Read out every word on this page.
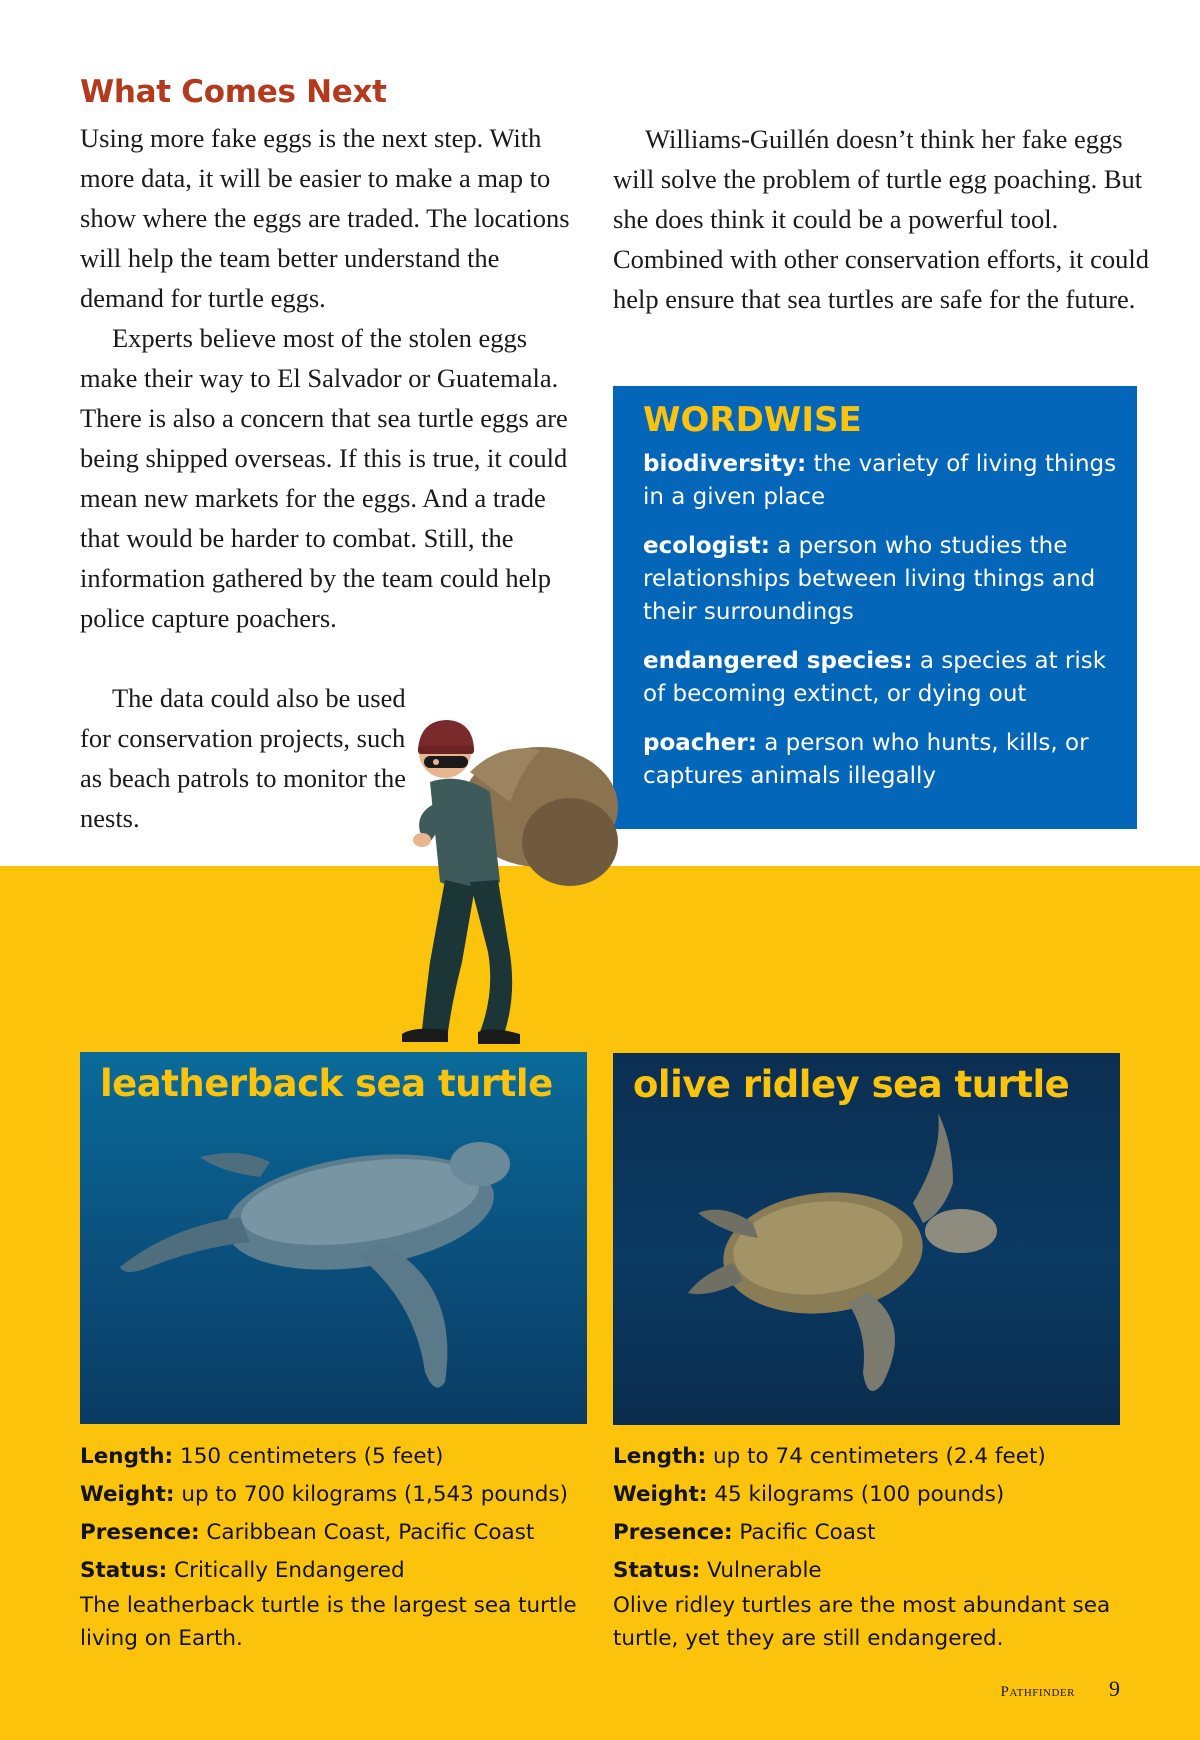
What Comes Next

Using more fake eggs is the next step. With more data, it will be easier to make a map to show where the eggs are traded. The locations will help the team better understand the demand for turtle eggs.

Experts believe most of the stolen eggs make their way to El Salvador or Guatemala. There is also a concern that sea turtle eggs are being shipped overseas. If this is true, it could mean new markets for the eggs. And a trade that would be harder to combat. Still, the information gathered by the team could help police capture poachers.

The data could also be used for conservation projects, such as beach patrols to monitor the nests.

Williams-Guillén doesn’t think her fake eggs will solve the problem of turtle egg poaching. But she does think it could be a powerful tool. Combined with other conservation efforts, it could help ensure that sea turtles are safe for the future.

WORDWISE

biodiversity: the variety of living things in a given place

ecologist: a person who studies the relationships between living things and their surroundings

endangered species: a species at risk of becoming extinct, or dying out

poacher: a person who hunts, kills, or captures animals illegally

leatherback sea turtle olive ridley sea turtle

Length: 150 centimeters (5 feet)

Weight: up to 700 kilograms (1,543 pounds)

Presence: Caribbean Coast, Pacific Coast

Status: Critically Endangered

The leatherback turtle is the largest sea turtle living on Earth.

Length: up to 74 centimeters (2.4 feet)

Weight: 45 kilograms (100 pounds)

Presence: Pacific Coast

Status: Vulnerable

Olive ridley turtles are the most abundant sea turtle, yet they are still endangered.

Pathfinder 9
